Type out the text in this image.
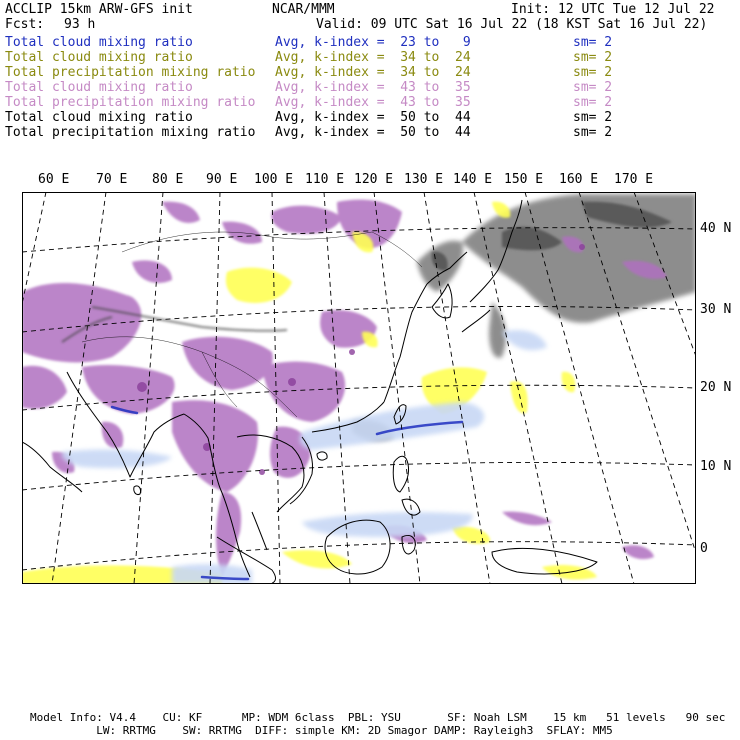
ACCLIP 15km ARW-GFS init	NCAR/MMM	Init: 12 UTC Tue 12 Jul 22
Fcst: 93 h	Valid: 09 UTC Sat 16 Jul 22 (18 KST Sat 16 Jul 22)
Total cloud mixing ratio	Avg, k-index =  23 to   9	sm= 2
Total cloud mixing ratio	Avg, k-index =  34 to  24	sm= 2
Total precipitation mixing ratio Avg, k-index =  34 to  24	sm= 2
Total cloud mixing ratio	Avg, k-index =  43 to  35	sm= 2
Total precipitation mixing ratio Avg, k-index =  43 to  35	sm= 2
Total cloud mixing ratio	Avg, k-index =  50 to  44	sm= 2
Total precipitation mixing ratio Avg, k-index =  50 to  44	sm= 2
60 E 70 E 80 E 90 E 100 E 110 E 120 E 130 E 140 E 150 E 160 E 170 E
40 N
30 N
20 N
10 N
0
Model Info: V4.4    CU: KF      MP: WDM 6class  PBL: YSU       SF: Noah LSM    15 km   51 levels   90 sec
LW: RRTMG    SW: RRTMG  DIFF: simple KM: 2D Smagor DAMP: Rayleigh3  SFLAY: MM5
